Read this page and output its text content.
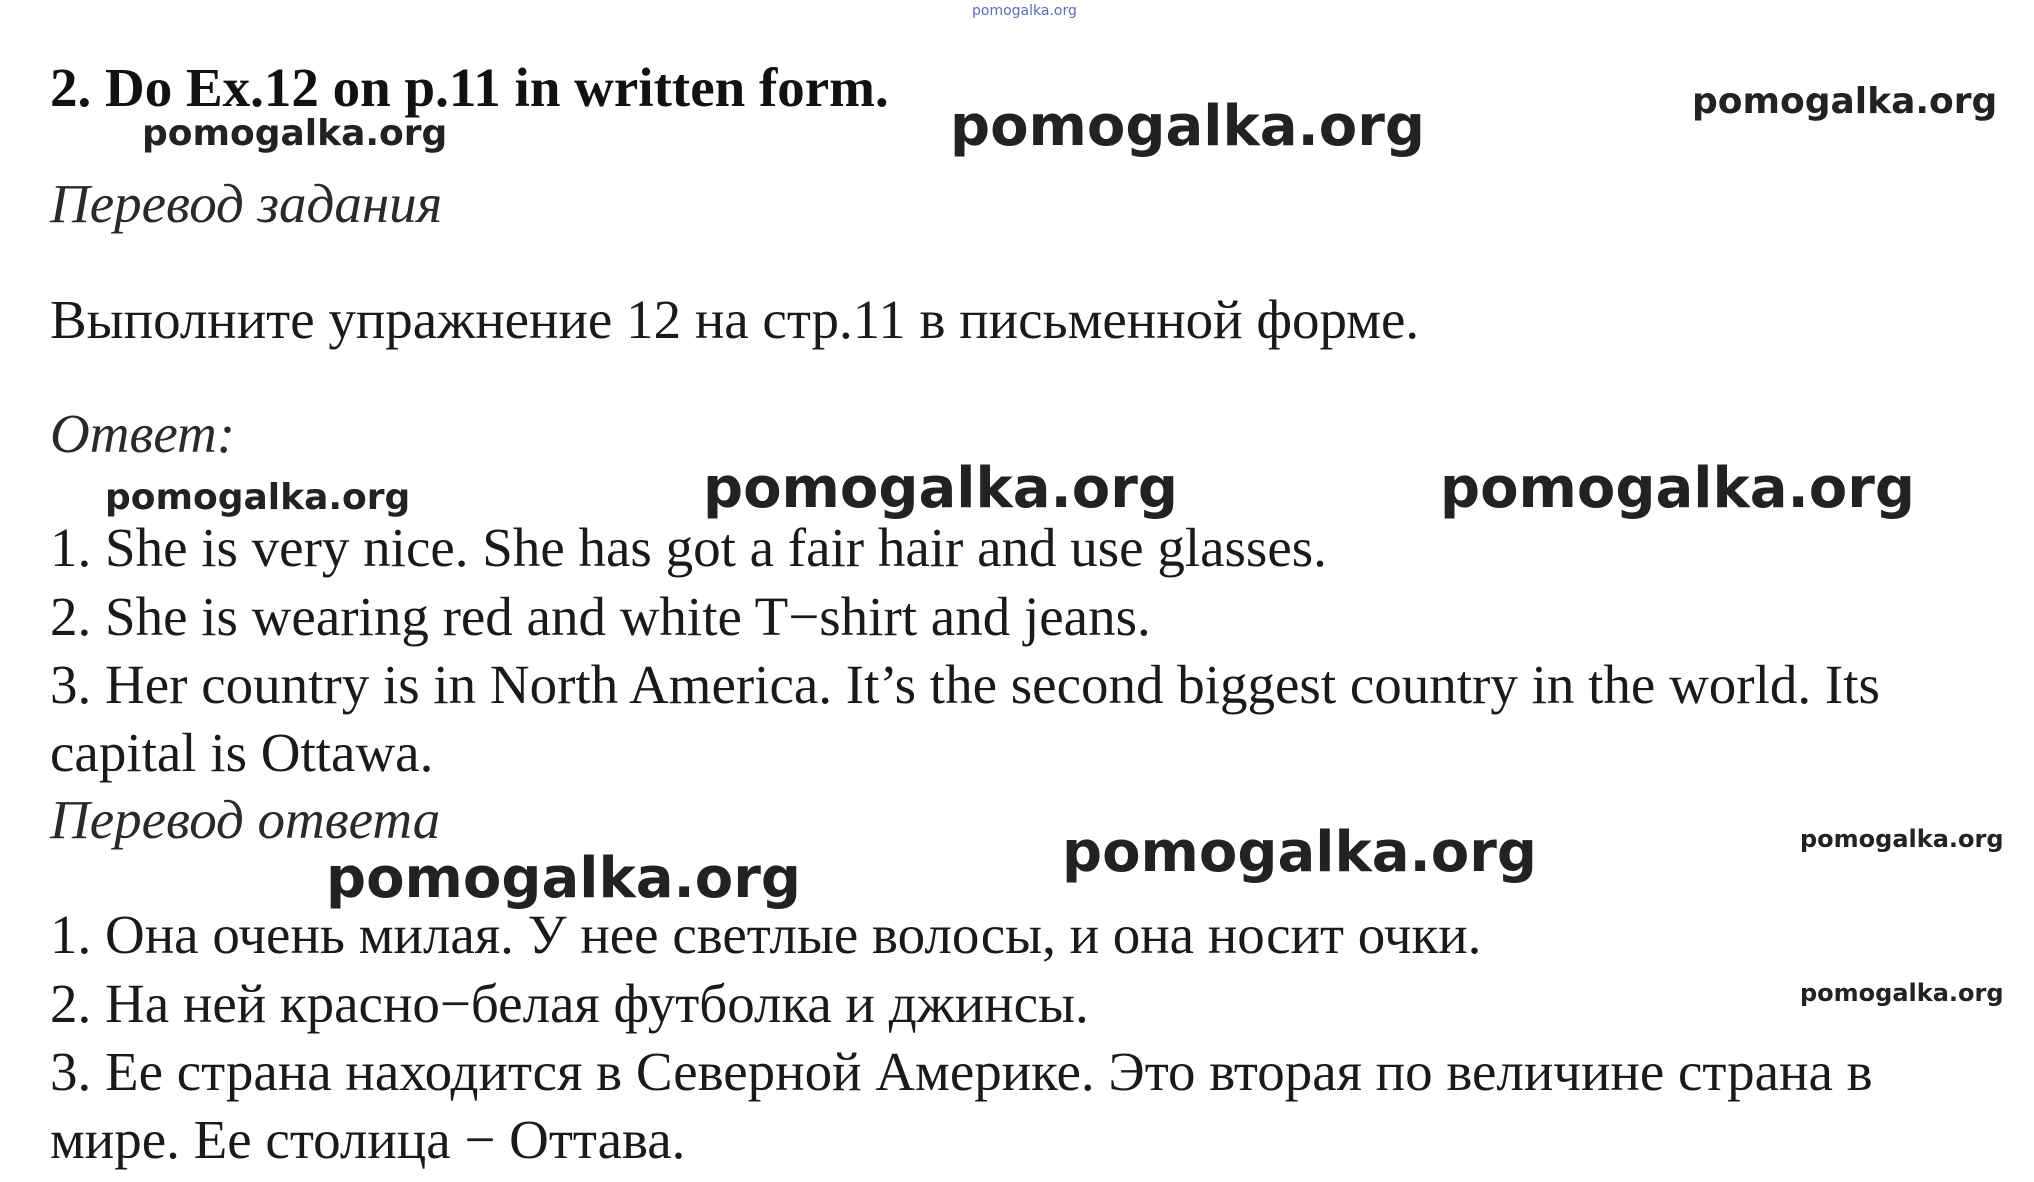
pomogalka.org

pomogalka.org	pomogalka.org	pomogalka.org

pomogalka.org	pomogalka.org	pomogalka.org

pomogalka.org	pomogalka.org	pomogalka.org

pomogalka.org

2. Do Ex.12 on p.11 in written form.

Перевод задания

Выполните упражнение 12 на стр.11 в письменной форме.

Ответ:

1. She is very nice. She has got a fair hair and use glasses.

2. She is wearing red and white T−shirt and jeans.

3. Her country is in North America. It’s the second biggest country in the world. Its

capital is Ottawa.

Перевод ответа

1. Она очень милая. У нее светлые волосы, и она носит очки.

2. На ней красно−белая футболка и джинсы.

3. Ее страна находится в Северной Америке. Это вторая по величине страна в

мире. Ее столица − Оттава.
